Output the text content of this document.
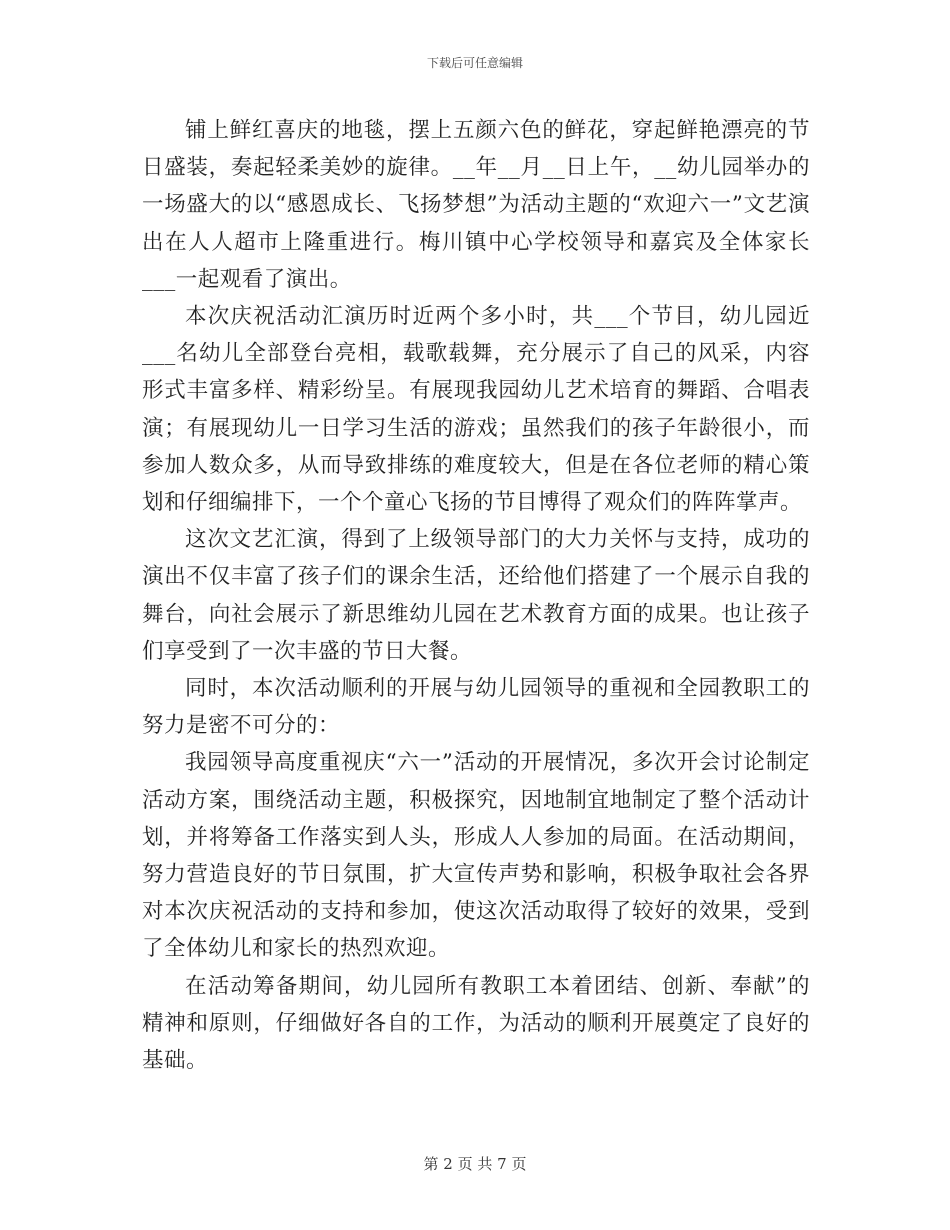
下载后可任意编辑

铺上鲜红喜庆的地毯，摆上五颜六色的鲜花，穿起鲜艳漂亮的节日盛装，奏起轻柔美妙的旋律。__年__月__日上午，__幼儿园举办的一场盛大的以“感恩成长、飞扬梦想”为活动主题的“欢迎六一”文艺演出在人人超市上隆重进行。梅川镇中心学校领导和嘉宾及全体家长___一起观看了演出。

本次庆祝活动汇演历时近两个多小时，共___个节目，幼儿园近___名幼儿全部登台亮相，载歌载舞，充分展示了自己的风采，内容形式丰富多样、精彩纷呈。有展现我园幼儿艺术培育的舞蹈、合唱表演；有展现幼儿一日学习生活的游戏；虽然我们的孩子年龄很小，而参加人数众多，从而导致排练的难度较大，但是在各位老师的精心策划和仔细编排下，一个个童心飞扬的节目博得了观众们的阵阵掌声。

这次文艺汇演，得到了上级领导部门的大力关怀与支持，成功的演出不仅丰富了孩子们的课余生活，还给他们搭建了一个展示自我的舞台，向社会展示了新思维幼儿园在艺术教育方面的成果。也让孩子们享受到了一次丰盛的节日大餐。

同时，本次活动顺利的开展与幼儿园领导的重视和全园教职工的努力是密不可分的：

我园领导高度重视庆“六一”活动的开展情况，多次开会讨论制定活动方案，围绕活动主题，积极探究，因地制宜地制定了整个活动计划，并将筹备工作落实到人头，形成人人参加的局面。在活动期间，努力营造良好的节日氛围，扩大宣传声势和影响，积极争取社会各界对本次庆祝活动的支持和参加，使这次活动取得了较好的效果，受到了全体幼儿和家长的热烈欢迎。

在活动筹备期间，幼儿园所有教职工本着团结、创新、奉献”的精神和原则，仔细做好各自的工作，为活动的顺利开展奠定了良好的基础。

第 2 页 共 7 页
